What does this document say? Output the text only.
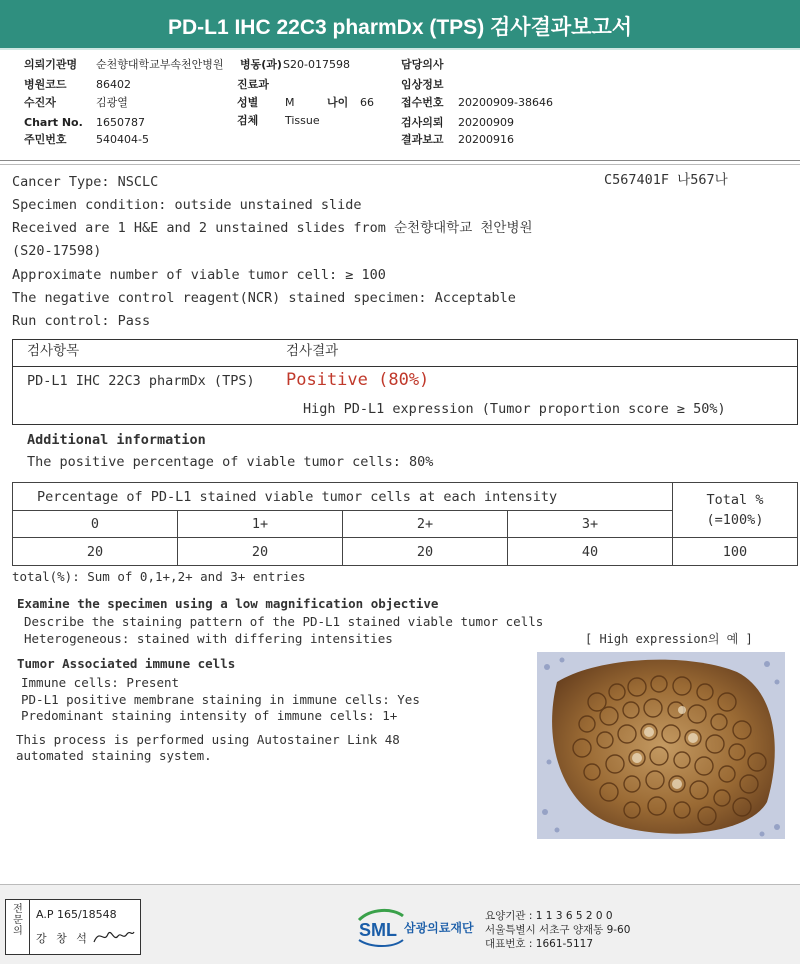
PD-L1 IHC 22C3 pharmDx (TPS) 검사결과보고서
의뢰기관명 순천향대학교부속천안병원 병동(과) S20-017598	담당의사
병원코드	86402	진료과	임상정보
수진자	김광열	성별 M	나이 66 접수번호 20200909-38646
Chart No. 1650787	검체 Tissue	검사의뢰 20200909
주민번호	540404-5	결과보고 20200916
Cancer Type: NSCLC	C567401F 나567나
Specimen condition: outside unstained slide
Received are 1 H&E and 2 unstained slides from 순천향대학교 천안병원
(S20-17598)
Approximate number of viable tumor cell: ≥ 100
The negative control reagent(NCR) stained specimen: Acceptable
Run control: Pass
검사항목	검사결과
PD-L1 IHC 22C3 pharmDx (TPS) Positive (80%)
High PD-L1 expression (Tumor proportion score ≥ 50%)
Additional information
The positive percentage of viable tumor cells: 80%
Percentage of PD-L1 stained viable tumor cells at each intensity				Total %
(=100%)
0	1+	2+	3+	
20	20	20	40	100
total(%): Sum of 0,1+,2+ and 3+ entries
Examine the specimen using a low magnification objective
Describe the staining pattern of the PD-L1 stained viable tumor cells
Heterogeneous: stained with differing intensities	[ High expression의 예 ]
Tumor Associated immune cells
Immune cells: Present
PD-L1 positive membrane staining in immune cells: Yes
Predominant staining intensity of immune cells: 1+
This process is performed using Autostainer Link 48
automated staining system.
전문의
A.P 165/18548
강 창 석	SML 삼광의료재단
요양기관 : 1 1 3 6 5 2 0 0
서울특별시 서초구 양재동 9-60
대표번호 : 1661-5117
